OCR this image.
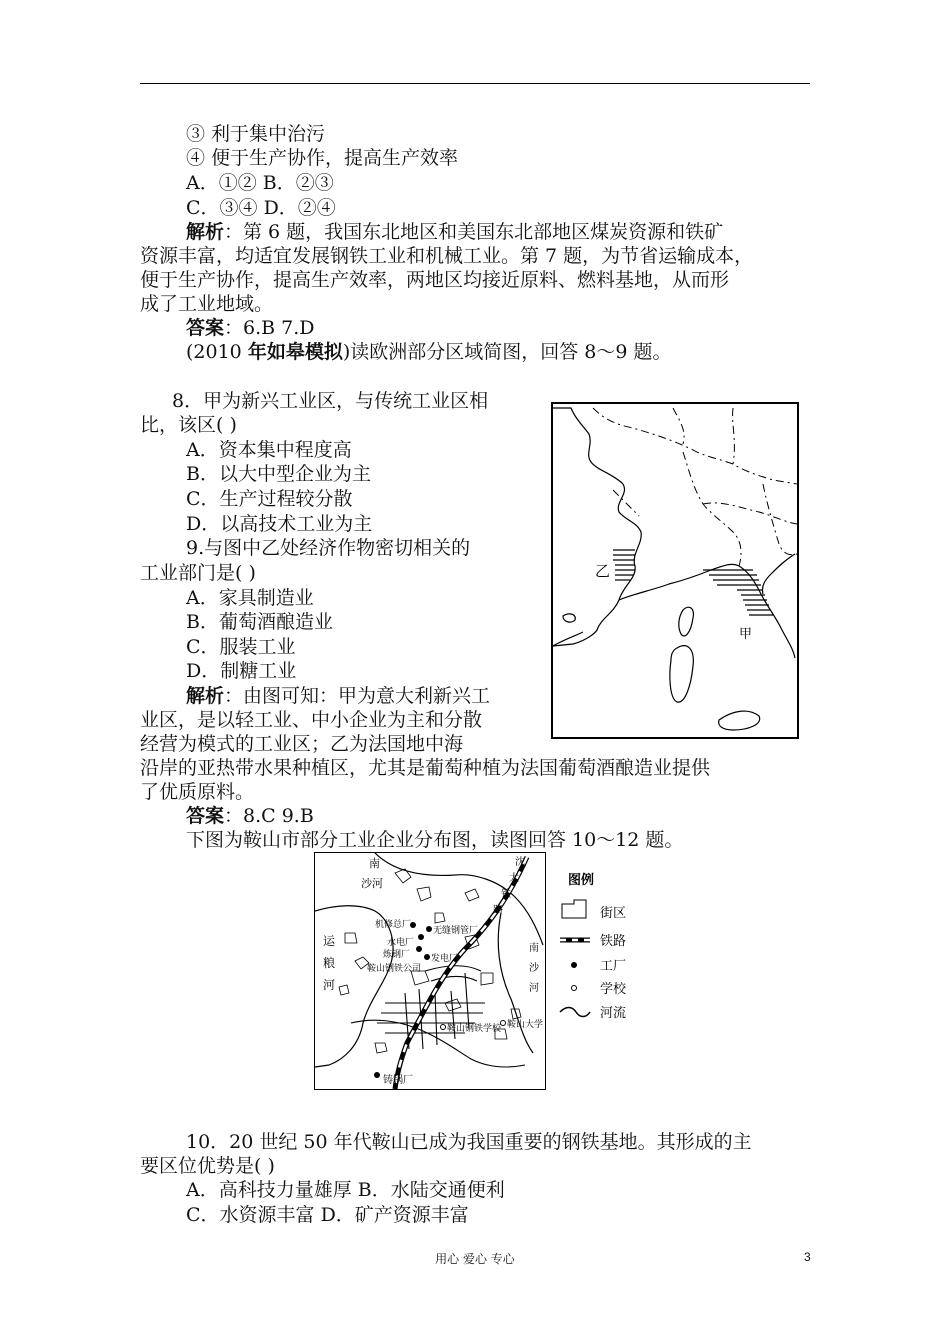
③ 利于集中治污
④ 便于生产协作，提高生产效率
A．①② B．②③
C．③④ D．②④
解析：第 6 题，我国东北地区和美国东北部地区煤炭资源和铁矿
资源丰富，均适宜发展钢铁工业和机械工业。第 7 题，为节省运输成本，
便于生产协作，提高生产效率，两地区均接近原料、燃料基地，从而形
成了工业地域。
答案：6.B 7.D
(2010 年如皋模拟)读欧洲部分区域简图，回答 8～9 题。
8．甲为新兴工业区，与传统工业区相
比，该区( )
A．资本集中程度高
B．以大中型企业为主
C．生产过程较分散
D．以高技术工业为主
9.与图中乙处经济作物密切相关的
工业部门是( )
A．家具制造业
B．葡萄酒酿造业
C．服装工业
D．制糖工业
解析：由图可知：甲为意大利新兴工
业区，是以轻工业、中小企业为主和分散
经营为模式的工业区；乙为法国地中海
沿岸的亚热带水果种植区，尤其是葡萄种植为法国葡萄酒酿造业提供
了优质原料。
答案：8.C 9.B
下图为鞍山市部分工业企业分布图，读图回答 10～12 题。
10．20 世纪 50 年代鞍山已成为我国重要的钢铁基地。其形成的主
要区位优势是( )
A．高科技力量雄厚 B．水陆交通便利
C．水资源丰富 D．矿产资源丰富
乙
甲
南
沙河
运
粮
河
南
沙
河
沈
大
铁
路
机修总厂
无缝钢管厂
水电厂
炼钢厂 发电厂
鞍山钢铁公司
铸锅厂
鞍山钢铁学校 鞍山大学
图例
街区
铁路
工厂
学校
河流
用心 爱心 专心	3
